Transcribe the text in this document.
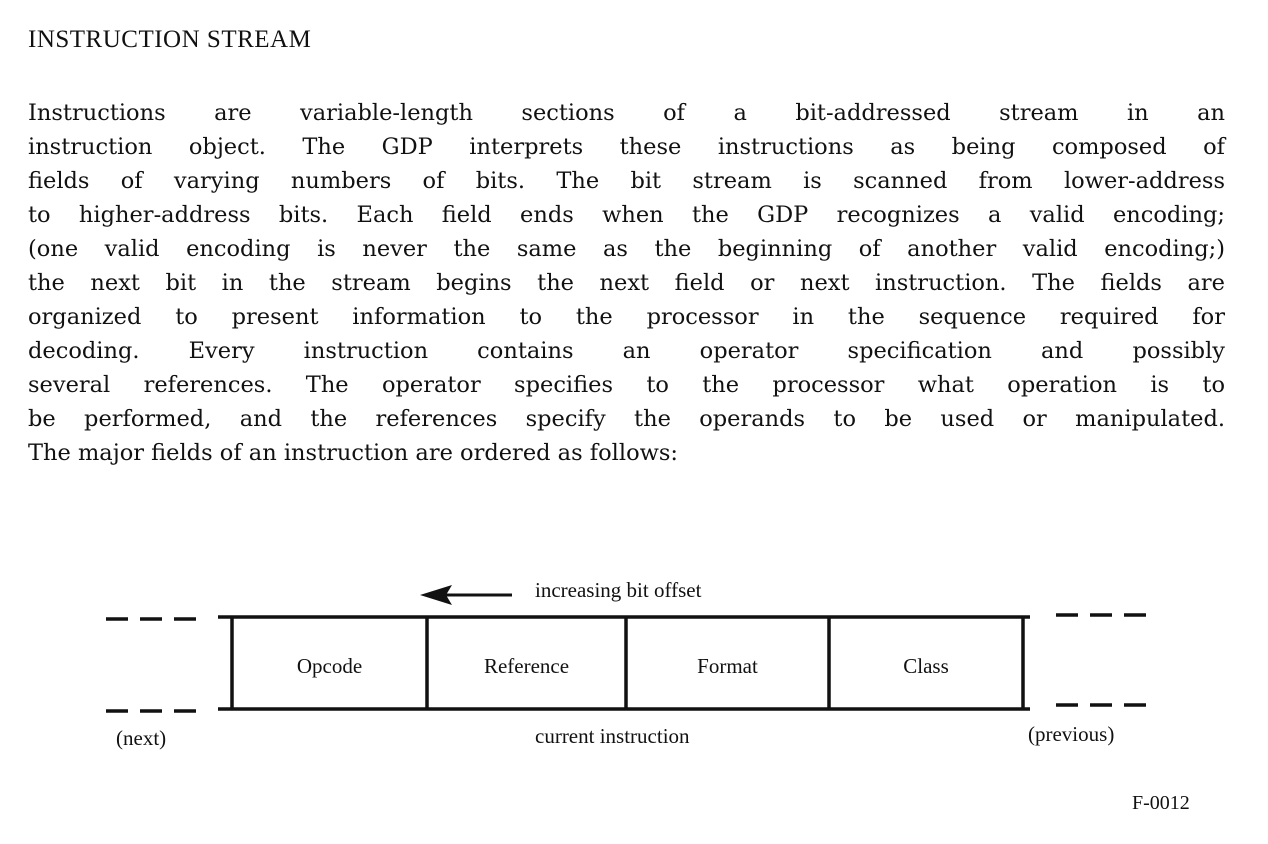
INSTRUCTION STREAM
Instructions are variable-length sections of a bit-addressed stream in an
instruction object. The GDP interprets these instructions as being composed of
fields of varying numbers of bits. The bit stream is scanned from lower-address
to higher-address bits. Each field ends when the GDP recognizes a valid encoding;
(one valid encoding is never the same as the beginning of another valid encoding;)
the next bit in the stream begins the next field or next instruction. The fields are
organized to present information to the processor in the sequence required for
decoding. Every instruction contains an operator specification and possibly
several references. The operator specifies to the processor what operation is to
be performed, and the references specify the operands to be used or manipulated.
The major fields of an instruction are ordered as follows:
increasing bit offset
Opcode	Reference	Format	Class
(next)	current instruction	(previous)
F-0012
